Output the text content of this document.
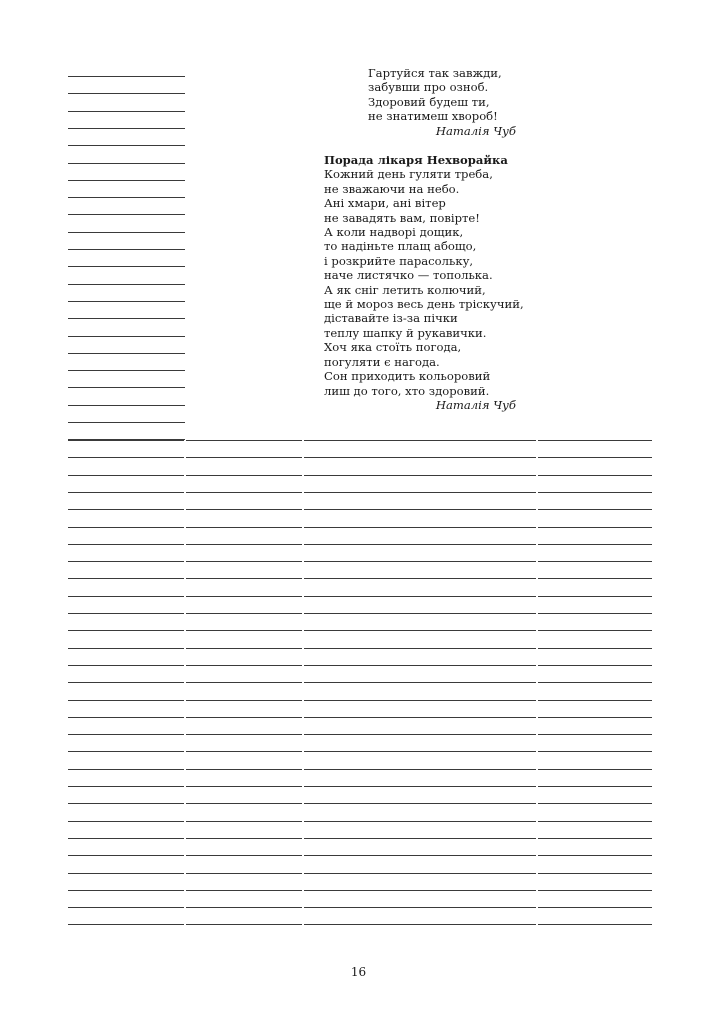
Гартуйся так завжди,
забувши про озноб.
Здоровий будеш ти,
не знатимеш хвороб!
Наталія Чуб
Порада лікаря Нехворайка
Кожний день гуляти треба,
не зважаючи на небо.
Ані хмари, ані вітер
не завадять вам, повірте!
А коли надворі дощик,
то надіньте плащ абощо,
і розкрийте парасольку,
наче листячко — тополька.
А як сніг летить колючий,
ще й мороз весь день тріскучий,
діставайте із-за пічки
теплу шапку й рукавички.
Хоч яка стоїть погода,
погуляти є нагода.
Сон приходить кольоровий
лиш до того, хто здоровий.
Наталія Чуб
16
